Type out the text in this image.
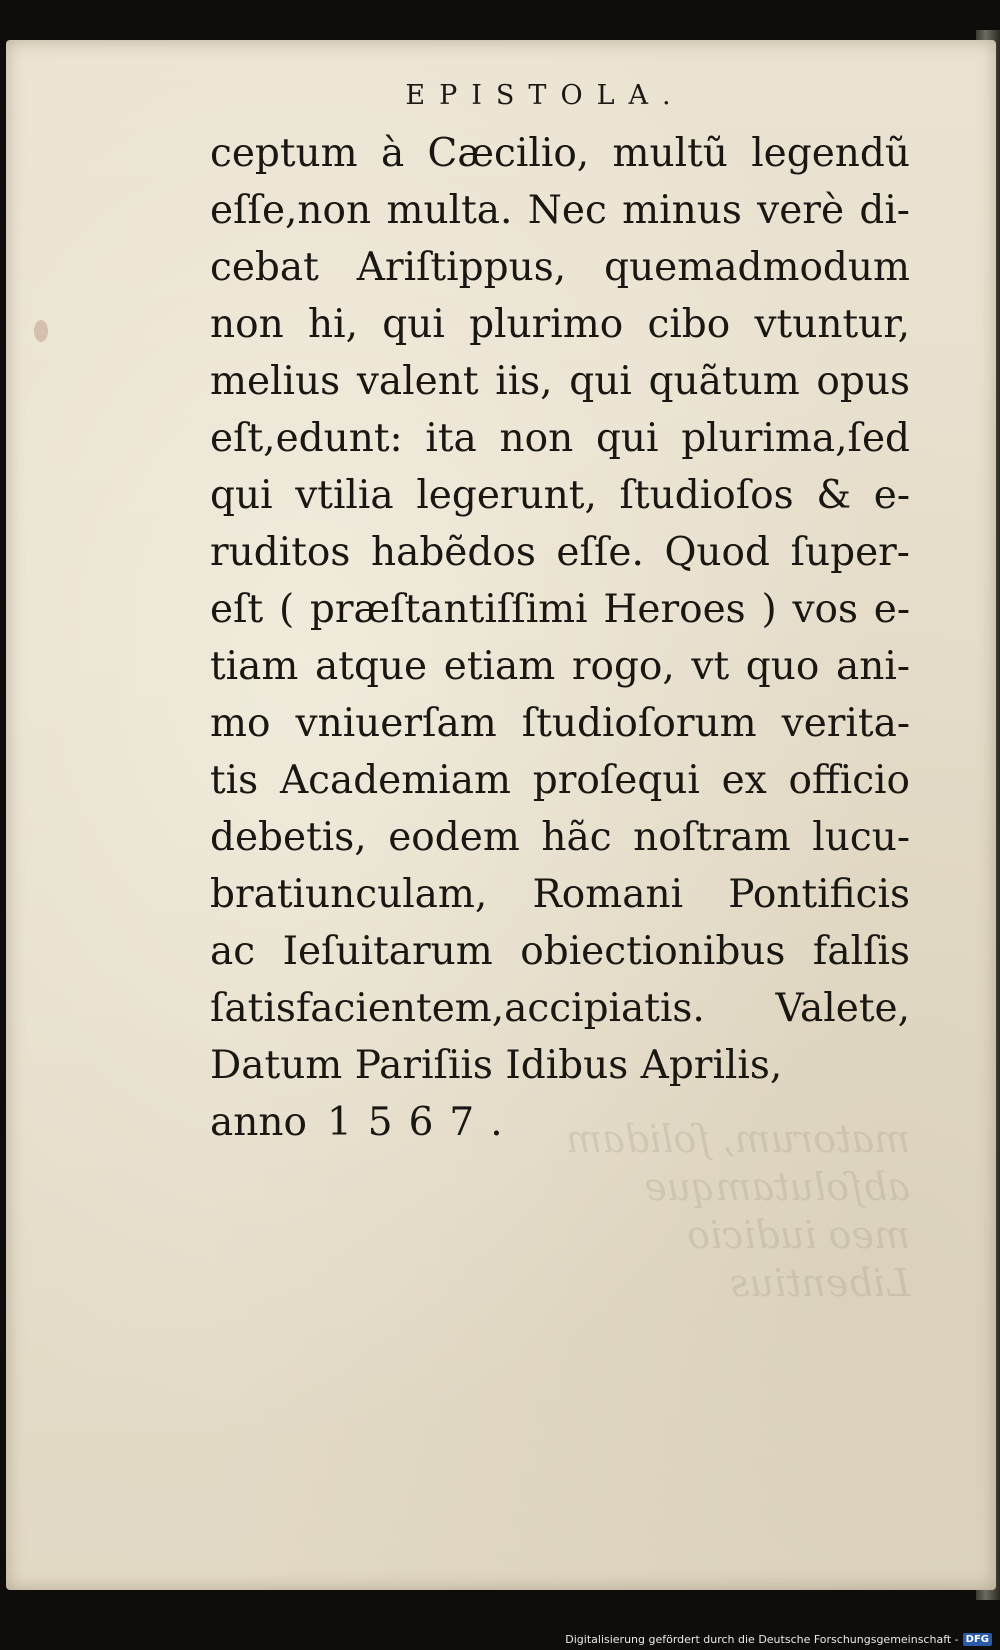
matorum, ſolidam
abſolutamque
meo iudicio
Libentius
EPISTOLA.
ceptum à Cæcilio, multũ legendũ
eſſe,non multa. Nec minus verè di-
cebat Ariſtippus, quemadmodum
non hi, qui plurimo cibo vtuntur,
melius valent iis, qui quãtum opus
eſt,edunt: ita non qui plurima,ſed
qui vtilia legerunt, ſtudioſos & e-
ruditos habẽdos eſſe. Quod ſuper-
eſt ( præſtantiſſimi Heroes ) vos e-
tiam atque etiam rogo, vt quo ani-
mo vniuerſam ſtudioſorum verita-
tis Academiam proſequi ex officio
debetis, eodem hãc noſtram lucu-
bratiunculam, Romani Pontificis
ac Ieſuitarum obiectionibus falſis
ſatisfacientem,accipiatis. Valete,
Datum Pariſiis Idibus Aprilis,
anno 1567.
Digitalisierung gefördert durch die Deutsche Forschungsgemeinschaft - DFG
